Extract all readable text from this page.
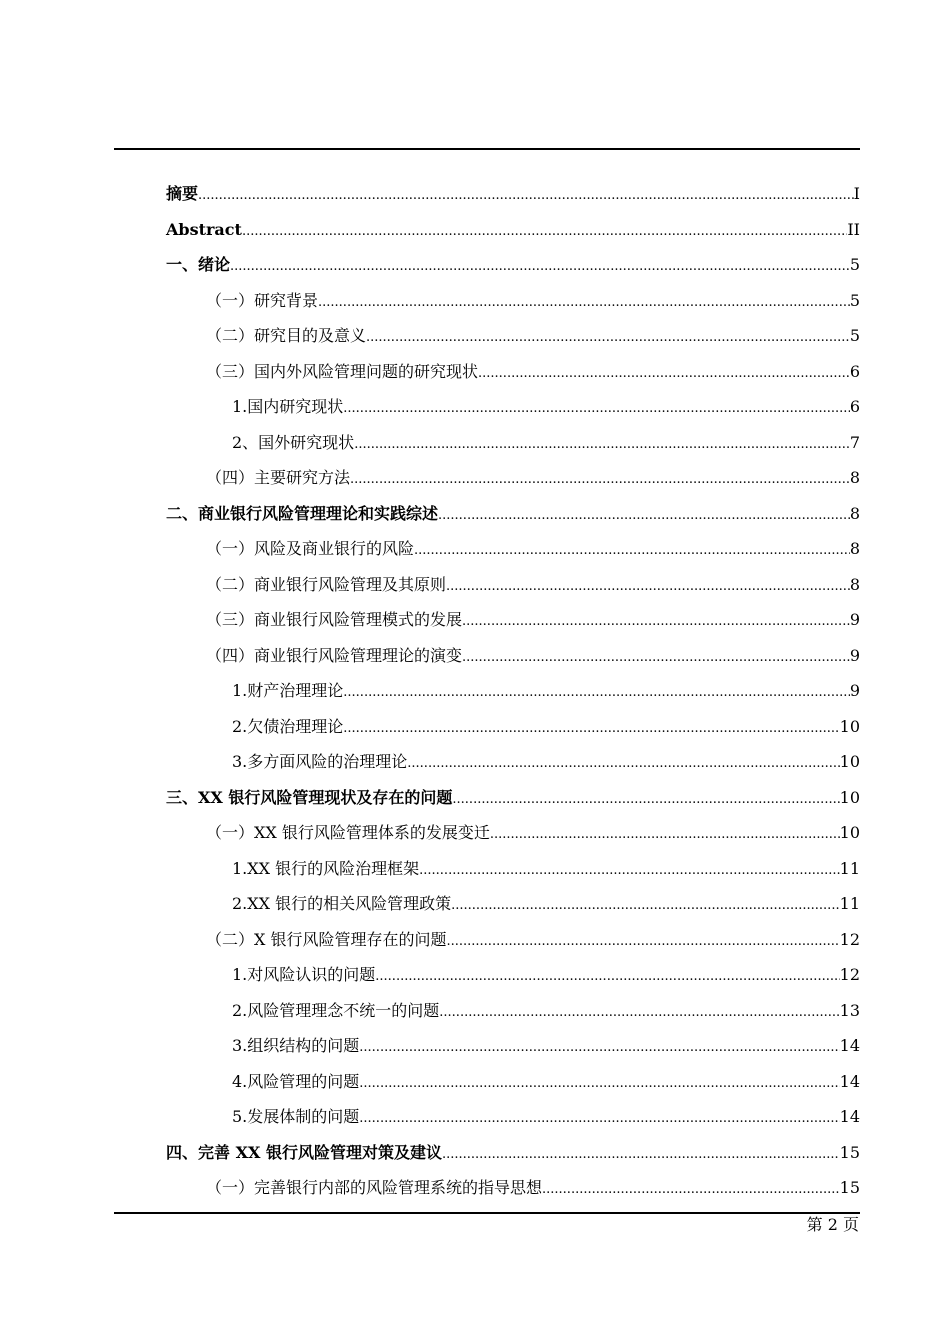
摘要 .....	I
Abstract .....	II
一、绪论 .....	5
（一）研究背景 .....	5
（二）研究目的及意义 .....	5
（三）国内外风险管理问题的研究现状 .....	6
1.国内研究现状 .....	6
2、国外研究现状 .....	7
（四）主要研究方法 .....	8
二、商业银行风险管理理论和实践综述 .....	8
（一）风险及商业银行的风险 .....	8
（二）商业银行风险管理及其原则 .....	8
（三）商业银行风险管理模式的发展 .....	9
（四）商业银行风险管理理论的演变 .....	9
1.财产治理理论 .....	9
2.欠债治理理论 .....	10
3.多方面风险的治理理论 .....	10
三、XX 银行风险管理现状及存在的问题 .....	10
（一）XX 银行风险管理体系的发展变迁 .....	10
1.XX 银行的风险治理框架 .....	11
2.XX 银行的相关风险管理政策 .....	11
（二）X 银行风险管理存在的问题 .....	12
1.对风险认识的问题 .....	12
2.风险管理理念不统一的问题 .....	13
3.组织结构的问题 .....	14
4.风险管理的问题 .....	14
5.发展体制的问题 .....	14
四、完善 XX 银行风险管理对策及建议 .....	15
（一）完善银行内部的风险管理系统的指导思想 .....	15
第 2 页
